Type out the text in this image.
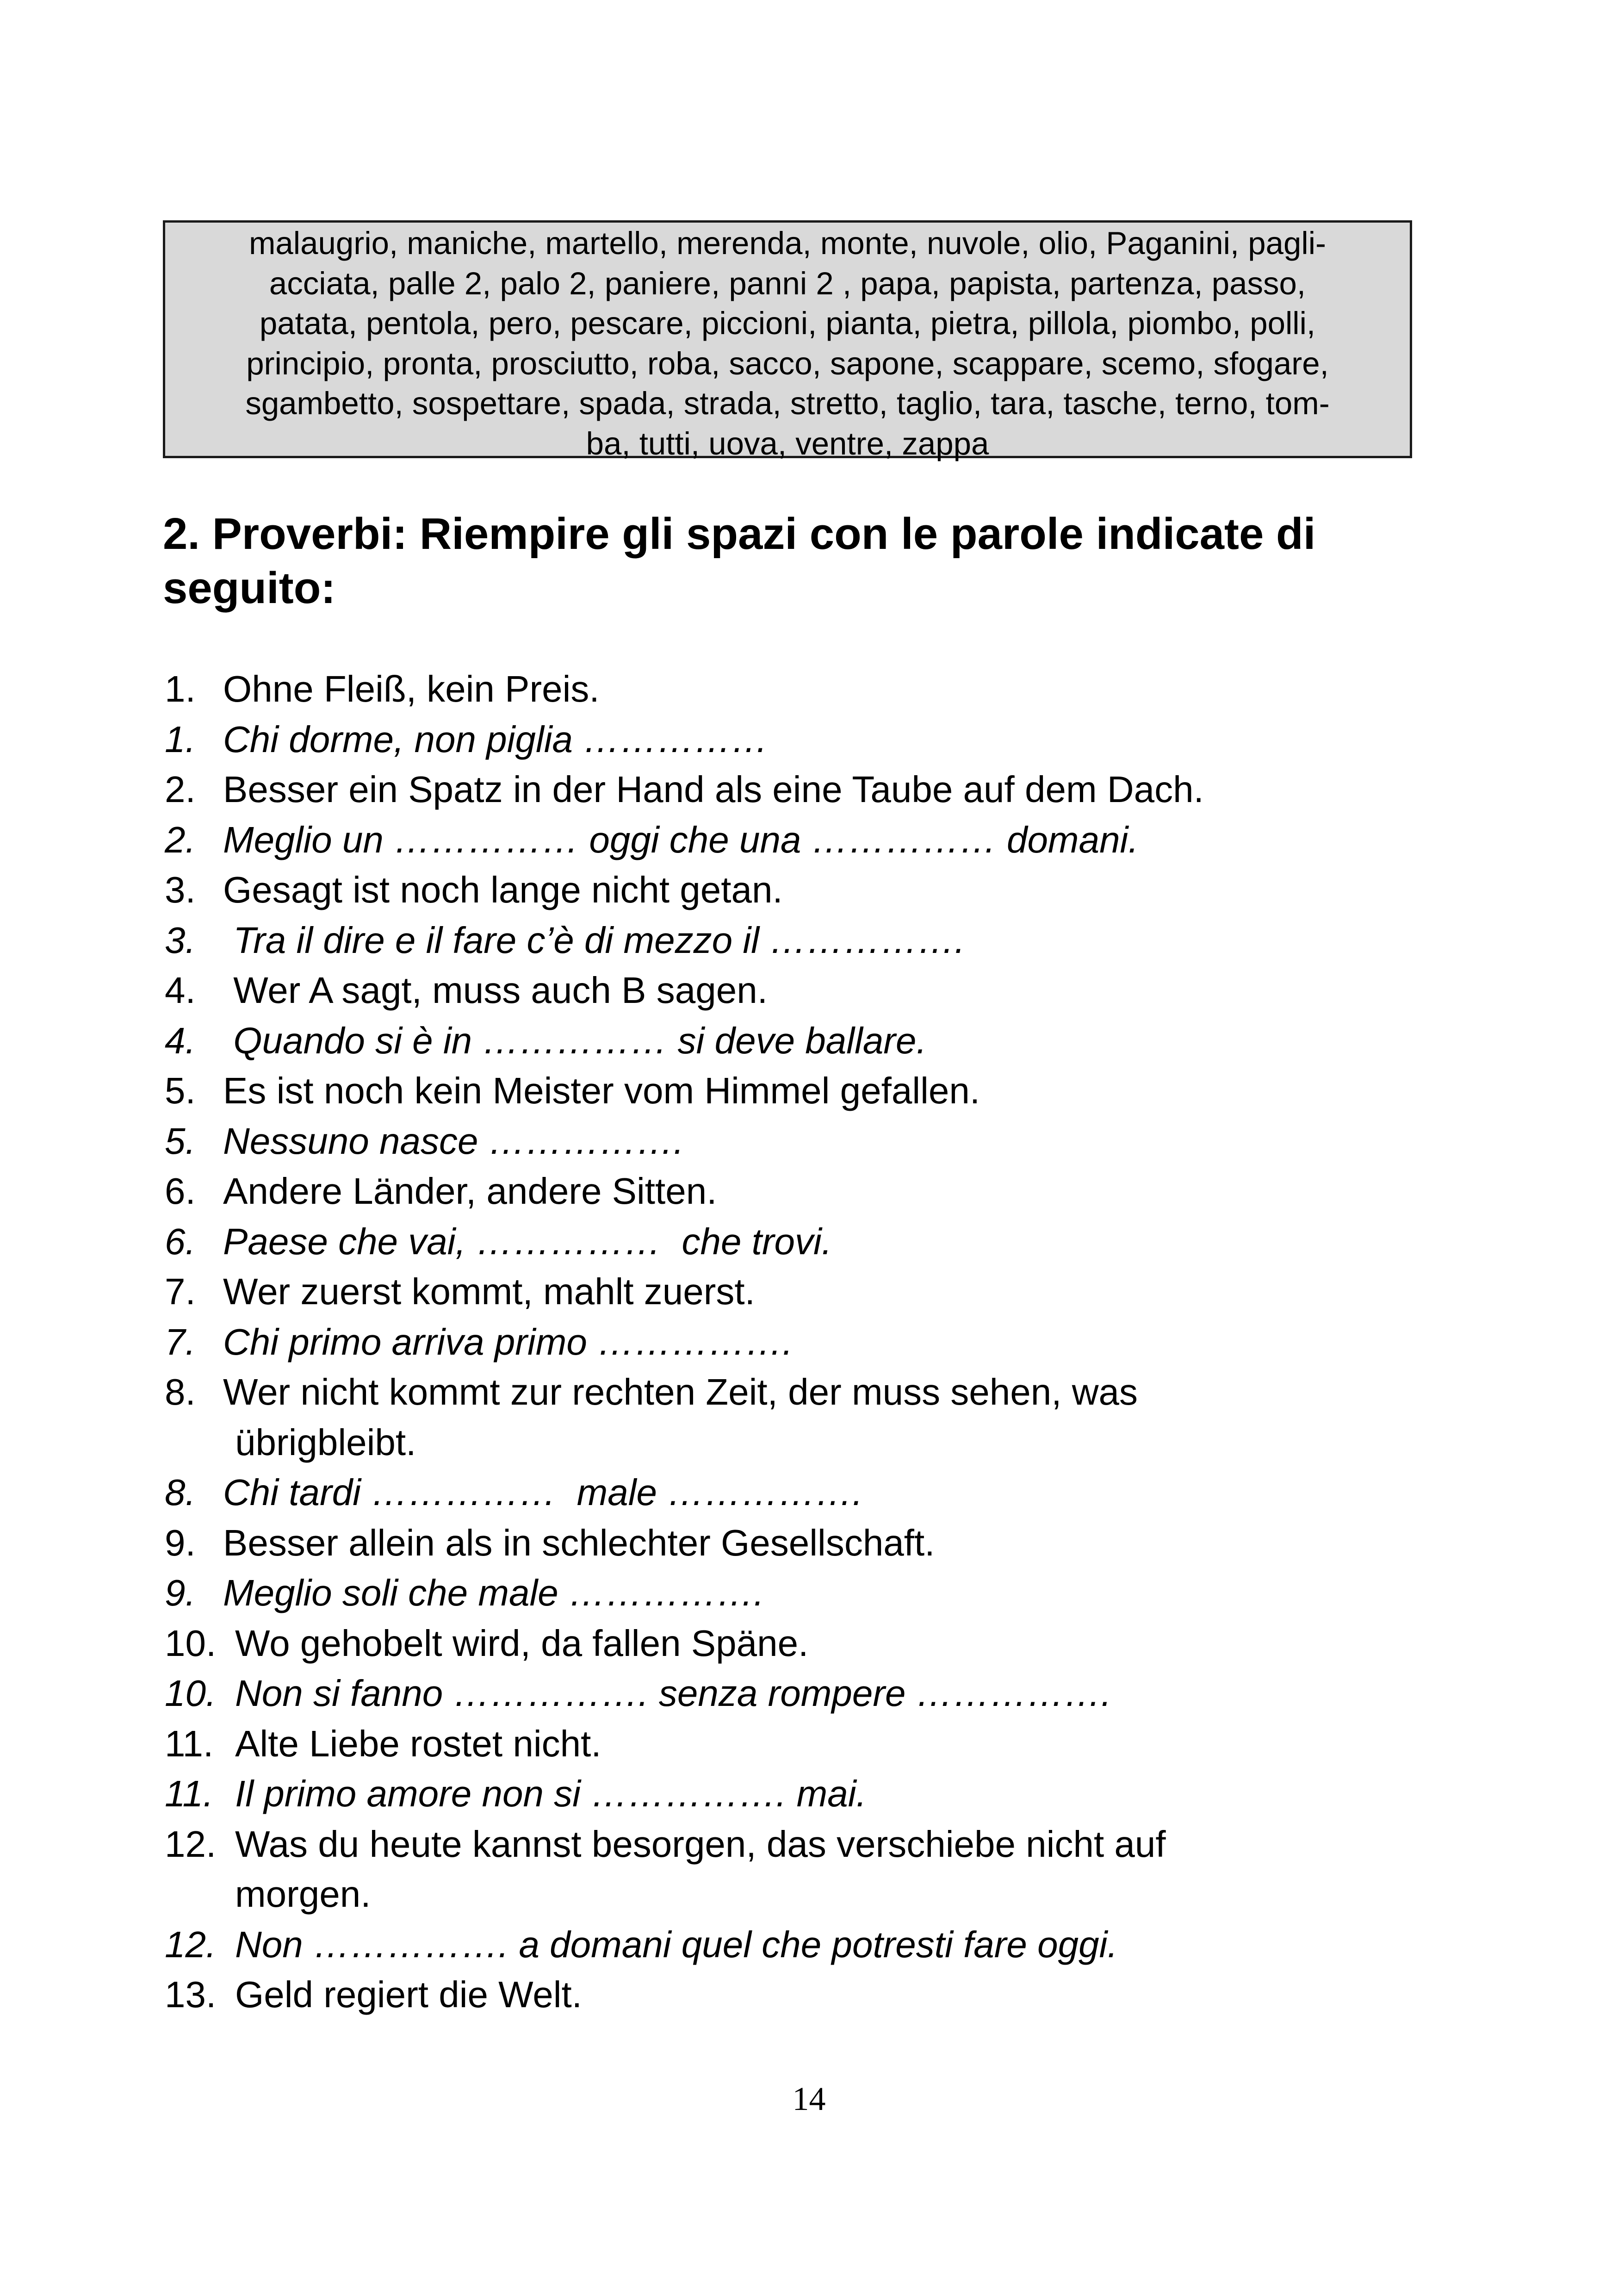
malaugrio, maniche, martello, merenda, monte, nuvole, olio, Paganini, pagli-
acciata, palle 2, palo 2, paniere, panni 2 , papa, papista, partenza, passo,
patata, pentola, pero, pescare, piccioni, pianta, pietra, pillola, piombo, polli,
principio, pronta, prosciutto, roba, sacco, sapone, scappare, scemo, sfogare,
sgambetto, sospettare, spada, strada, stretto, taglio, tara, tasche, terno, tom-
ba, tutti, uova, ventre, zappa
2. Proverbi: Riempire gli spazi con le parole indicate di
seguito:
1. Ohne Fleiß, kein Preis.
1. Chi dorme, non piglia ……………
2. Besser ein Spatz in der Hand als eine Taube auf dem Dach.
2. Meglio un …………… oggi che una …………… domani.
3. Gesagt ist noch lange nicht getan.
3. Tra il dire e il fare c’è di mezzo il …………….
4. Wer A sagt, muss auch B sagen.
4. Quando si è in …………… si deve ballare.
5. Es ist noch kein Meister vom Himmel gefallen.
5. Nessuno nasce …………….
6. Andere Länder, andere Sitten.
6. Paese che vai, ……………  che trovi.
7. Wer zuerst kommt, mahlt zuerst.
7. Chi primo arriva primo …………….
8. Wer nicht kommt zur rechten Zeit, der muss sehen, was
übrigbleibt.
8. Chi tardi ……………  male …………….
9. Besser allein als in schlechter Gesellschaft.
9. Meglio soli che male …………….
10. Wo gehobelt wird, da fallen Späne.
10. Non si fanno ……………. senza rompere …………….
11. Alte Liebe rostet nicht.
11. Il primo amore non si ……………. mai.
12. Was du heute kannst besorgen, das verschiebe nicht auf
morgen.
12. Non ……………. a domani quel che potresti fare oggi.
13. Geld regiert die Welt.
14
